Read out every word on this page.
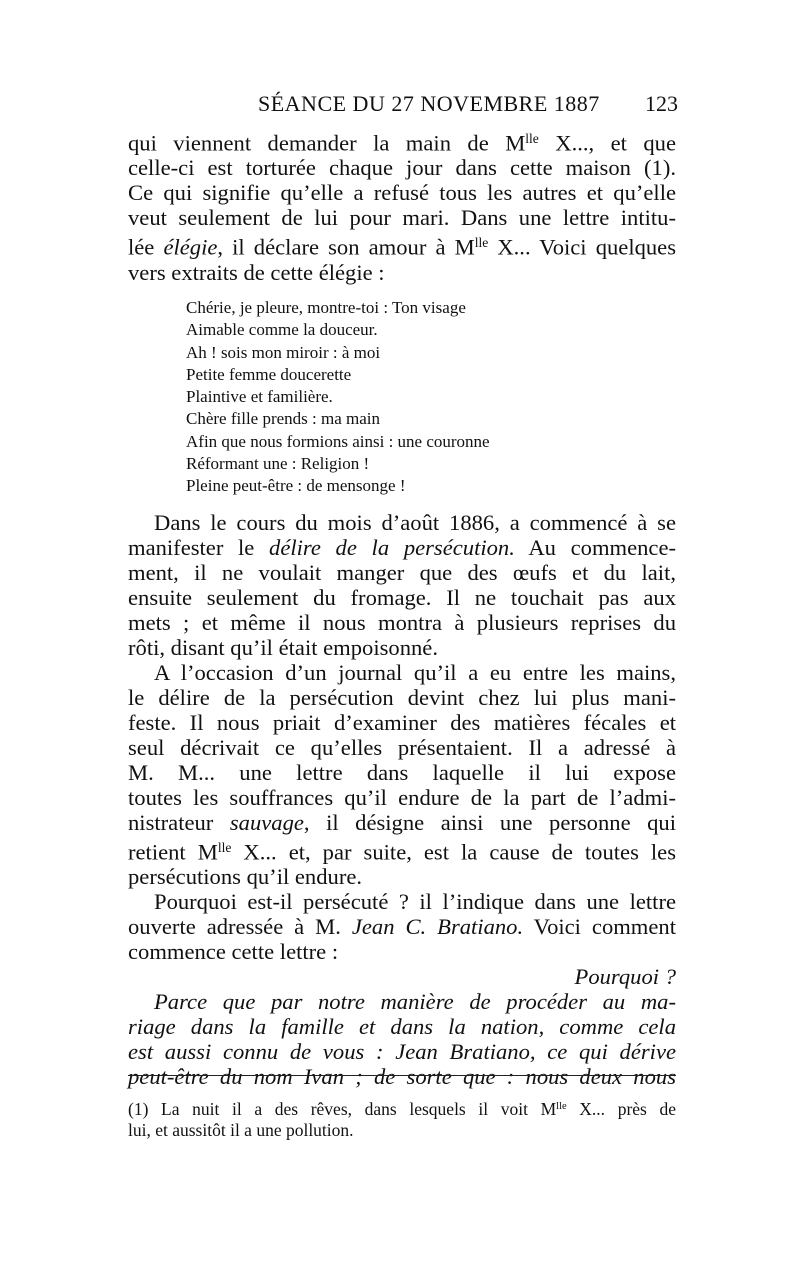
SÉANCE DU 27 NOVEMBRE 1887 123

qui viennent demander la main de $M^{lle}$ X..., et que
celle-ci est torturée chaque jour dans cette maison (1).
Ce qui signifie qu’elle a refusé tous les autres et qu’elle
veut seulement de lui pour mari. Dans une lettre intitu-
lée élégie, il déclare son amour à $M^{lle}$ X... Voici quelques
vers extraits de cette élégie :

Chérie, je pleure, montre-toi : Ton visage
Aimable comme la douceur.
Ah ! sois mon miroir : à moi
Petite femme doucerette
Plaintive et familière.
Chère fille prends : ma main
Afin que nous formions ainsi : une couronne
Réformant une : Religion !
Pleine peut-être : de mensonge !

Dans le cours du mois d’août 1886, a commencé à se
manifester le délire de la persécution. Au commence-
ment, il ne voulait manger que des œufs et du lait,
ensuite seulement du fromage. Il ne touchait pas aux
mets ; et même il nous montra à plusieurs reprises du
rôti, disant qu’il était empoisonné.

A l’occasion d’un journal qu’il a eu entre les mains,
le délire de la persécution devint chez lui plus mani-
feste. Il nous priait d’examiner des matières fécales et
seul décrivait ce qu’elles présentaient. Il a adressé à
M. M... une lettre dans laquelle il lui expose
toutes les souffrances qu’il endure de la part de l’admi-
nistrateur sauvage, il désigne ainsi une personne qui
retient $M^{lle}$ X... et, par suite, est la cause de toutes les
persécutions qu’il endure.

Pourquoi est-il persécuté ? il l’indique dans une lettre
ouverte adressée à M. Jean C. Bratiano. Voici comment
commence cette lettre :

Pourquoi ?
Parce que par notre manière de procéder au ma-
riage dans la famille et dans la nation, comme cela
est aussi connu de vous : Jean Bratiano, ce qui dérive
peut-être du nom Ivan ; de sorte que : nous deux nous

(1) La nuit il a des rêves, dans lesquels il voit $M^{lle}$ X... près de
lui, et aussitôt il a une pollution.
